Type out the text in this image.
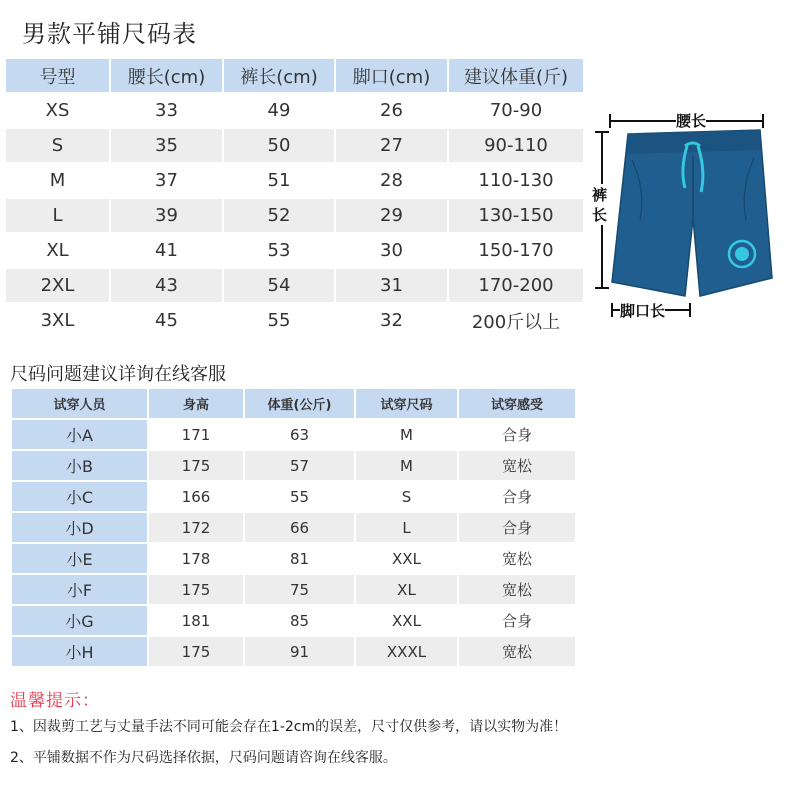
男款平铺尺码表
号型	腰长(cm)	裤长(cm)	脚口(cm)	建议体重(斤)
XS	33	49	26	70-90
S	35	50	27	90-110
M	37	51	28	110-130
L	39	52	29	130-150
XL	41	53	30	150-170
2XL	43	54	31	170-200
3XL	45	55	32	200斤以上
腰长
裤
长
脚口长
尺码问题建议详询在线客服
试穿人员	身高	体重(公斤)	试穿尺码	试穿感受
小A	171	63	M	合身
小B	175	57	M	宽松
小C	166	55	S	合身
小D	172	66	L	合身
小E	178	81	XXL	宽松
小F	175	75	XL	宽松
小G	181	85	XXL	合身
小H	175	91	XXXL	宽松
温馨提示：
1、因裁剪工艺与丈量手法不同可能会存在1-2cm的误差，尺寸仅供参考，请以实物为准！
2、平铺数据不作为尺码选择依据，尺码问题请咨询在线客服。
